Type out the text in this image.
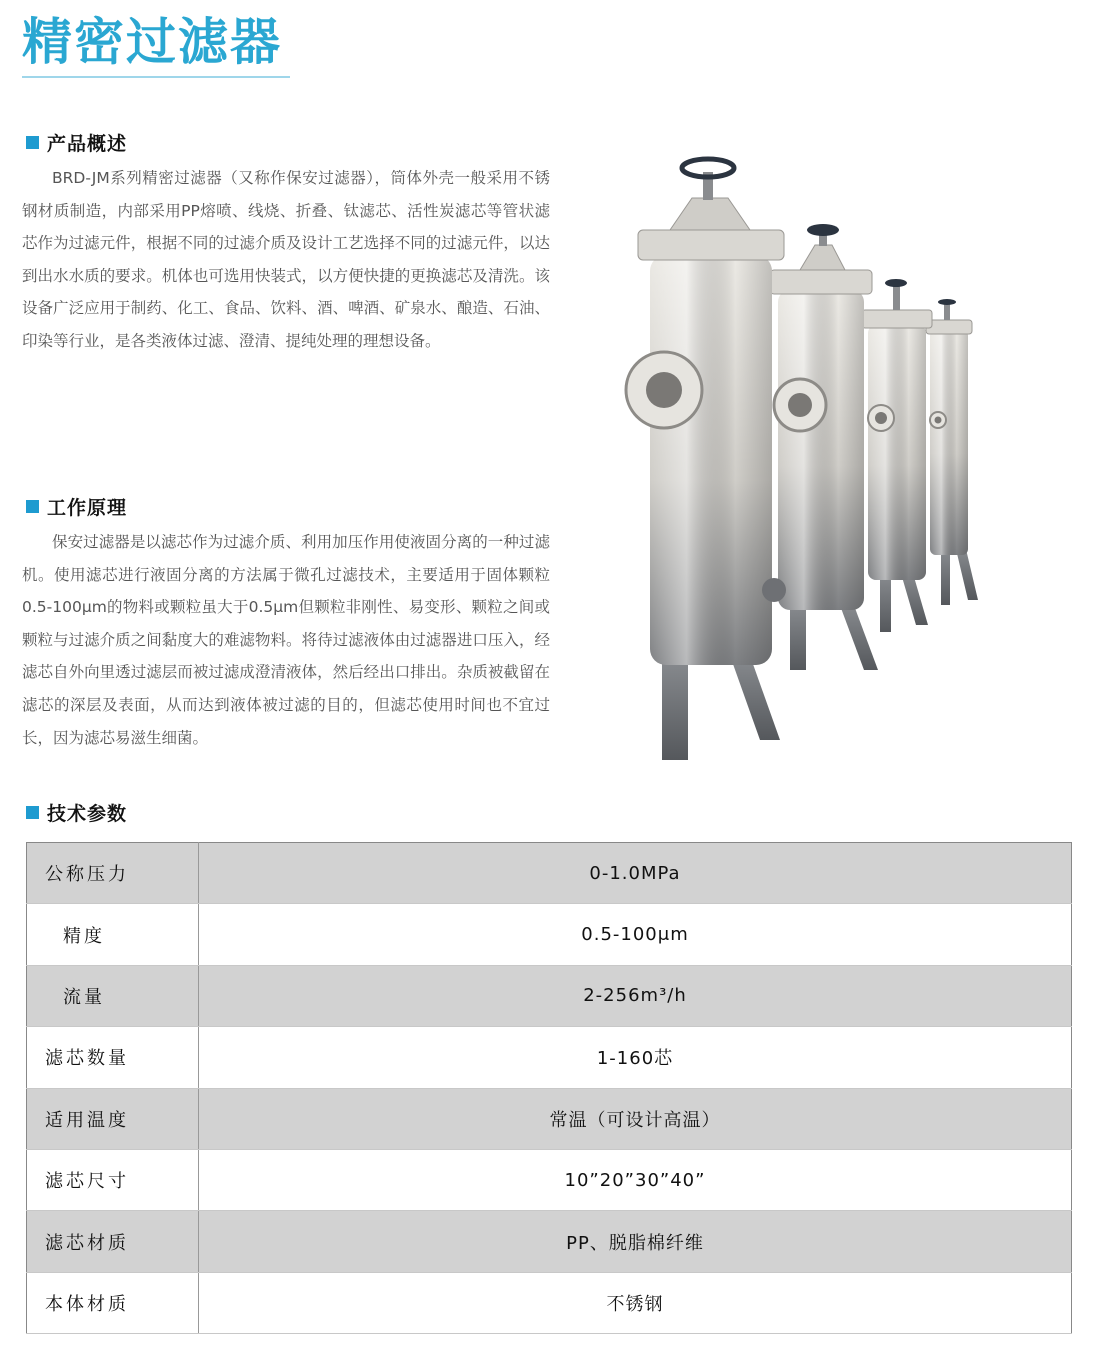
精密过滤器
产品概述

BRD-JM系列精密过滤器（又称作保安过滤器），筒体外壳一般采用不锈钢材质制造，内部采用PP熔喷、线烧、折叠、钛滤芯、活性炭滤芯等管状滤芯作为过滤元件，根据不同的过滤介质及设计工艺选择不同的过滤元件，以达到出水水质的要求。机体也可选用快装式，以方便快捷的更换滤芯及清洗。该设备广泛应用于制药、化工、食品、饮料、酒、啤酒、矿泉水、酿造、石油、印染等行业，是各类液体过滤、澄清、提纯处理的理想设备。

工作原理

保安过滤器是以滤芯作为过滤介质、利用加压作用使液固分离的一种过滤机。使用滤芯进行液固分离的方法属于微孔过滤技术，主要适用于固体颗粒0.5-100μm的物料或颗粒虽大于0.5μm但颗粒非刚性、易变形、颗粒之间或颗粒与过滤介质之间黏度大的难滤物料。将待过滤液体由过滤器进口压入，经滤芯自外向里透过滤层而被过滤成澄清液体，然后经出口排出。杂质被截留在滤芯的深层及表面，从而达到液体被过滤的目的，但滤芯使用时间也不宜过长，因为滤芯易滋生细菌。

技术参数
公称压力	0-1.0MPa
精度	0.5-100μm
流量	2-256m³/h
滤芯数量	1-160芯
适用温度	常温（可设计高温）
滤芯尺寸	10”20”30”40”
滤芯材质	PP、脱脂棉纤维
本体材质	不锈钢
